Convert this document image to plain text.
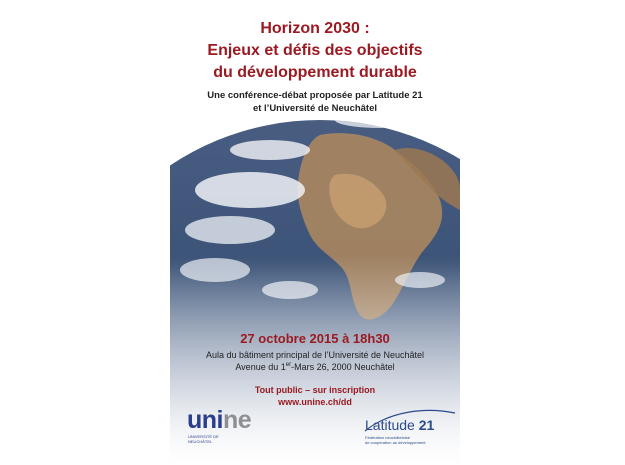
Horizon 2030 :
Enjeux et défis des objectifs
du développement durable
Une conférence-débat proposée par Latitude 21
et l’Université de Neuchâtel
27 octobre 2015 à 18h30
Aula du bâtiment principal de l’Université de Neuchâtel
Avenue du 1er-Mars 26, 2000 Neuchâtel
Tout public – sur inscription
www.unine.ch/dd
unine
UNIVERSITÉ DE
NEUCHÂTEL
Latitude 21
Fédération neuchâteloise
de coopération au développement
